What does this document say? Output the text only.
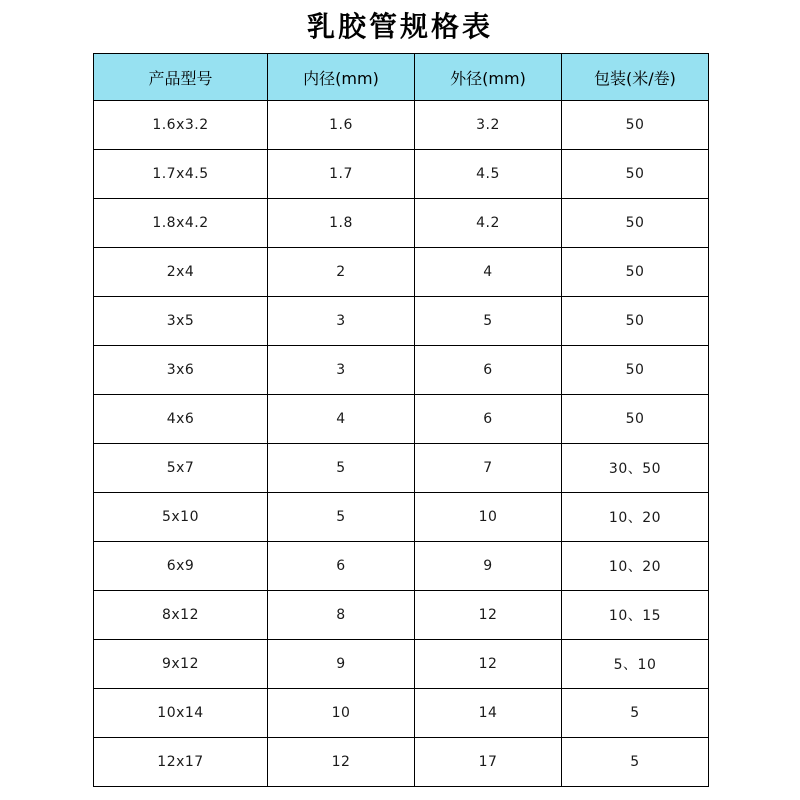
乳胶管规格表
产品型号	内径(mm)	外径(mm)	包装(米/卷)
1.6x3.2	1.6	3.2	50
1.7x4.5	1.7	4.5	50
1.8x4.2	1.8	4.2	50
2x4	2	4	50
3x5	3	5	50
3x6	3	6	50
4x6	4	6	50
5x7	5	7	30、50
5x10	5	10	10、20
6x9	6	9	10、20
8x12	8	12	10、15
9x12	9	12	5、10
10x14	10	14	5
12x17	12	17	5
